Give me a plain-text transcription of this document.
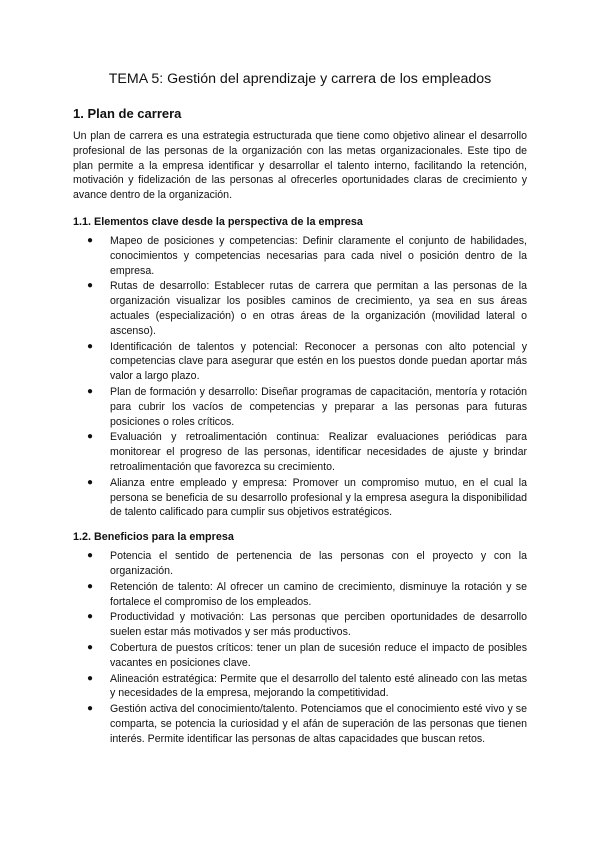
TEMA 5: Gestión del aprendizaje y carrera de los empleados
1. Plan de carrera

Un plan de carrera es una estrategia estructurada que tiene como objetivo alinear el desarrollo profesional de las personas de la organización con las metas organizacionales. Este tipo de plan permite a la empresa identificar y desarrollar el talento interno, facilitando la retención, motivación y fidelización de las personas al ofrecerles oportunidades claras de crecimiento y avance dentro de la organización.

1.1. Elementos clave desde la perspectiva de la empresa
● Mapeo de posiciones y competencias: Definir claramente el conjunto de habilidades, conocimientos y competencias necesarias para cada nivel o posición dentro de la empresa.
● Rutas de desarrollo: Establecer rutas de carrera que permitan a las personas de la organización visualizar los posibles caminos de crecimiento, ya sea en sus áreas actuales (especialización) o en otras áreas de la organización (movilidad lateral o ascenso).
● Identificación de talentos y potencial: Reconocer a personas con alto potencial y competencias clave para asegurar que estén en los puestos donde puedan aportar más valor a largo plazo.
● Plan de formación y desarrollo: Diseñar programas de capacitación, mentoría y rotación para cubrir los vacíos de competencias y preparar a las personas para futuras posiciones o roles críticos.
● Evaluación y retroalimentación continua: Realizar evaluaciones periódicas para monitorear el progreso de las personas, identificar necesidades de ajuste y brindar retroalimentación que favorezca su crecimiento.
● Alianza entre empleado y empresa: Promover un compromiso mutuo, en el cual la persona se beneficia de su desarrollo profesional y la empresa asegura la disponibilidad de talento calificado para cumplir sus objetivos estratégicos.
1.2. Beneficios para la empresa
● Potencia el sentido de pertenencia de las personas con el proyecto y con la organización.
● Retención de talento: Al ofrecer un camino de crecimiento, disminuye la rotación y se fortalece el compromiso de los empleados.
● Productividad y motivación: Las personas que perciben oportunidades de desarrollo suelen estar más motivados y ser más productivos.
● Cobertura de puestos críticos: tener un plan de sucesión reduce el impacto de posibles vacantes en posiciones clave.
● Alineación estratégica: Permite que el desarrollo del talento esté alineado con las metas y necesidades de la empresa, mejorando la competitividad.
● Gestión activa del conocimiento/talento. Potenciamos que el conocimiento esté vivo y se comparta, se potencia la curiosidad y el afán de superación de las personas que tienen interés. Permite identificar las personas de altas capacidades que buscan retos.
